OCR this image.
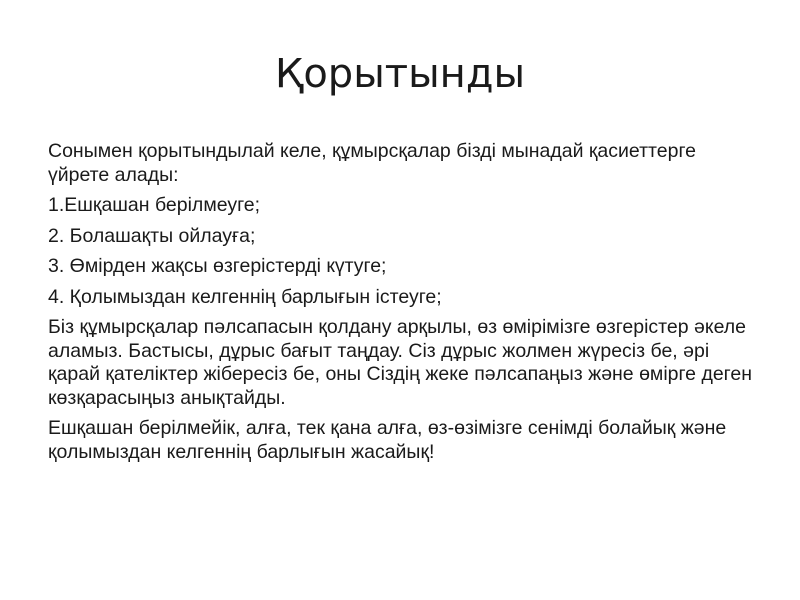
Қорытынды

Сонымен қорытындылай келе, құмырсқалар бізді мынадай қасиеттерге үйрете алады:

1.Ешқашан берілмеуге;

2. Болашақты ойлауға;

3. Өмірден жақсы өзгерістерді күтуге;

4. Қолымыздан келгеннің барлығын істеуге;

Біз құмырсқалар пәлсапасын қолдану арқылы, өз өмірімізге өзгерістер әкеле аламыз. Бастысы, дұрыс бағыт таңдау. Сіз дұрыс жолмен жүресіз бе, әрі қарай қателіктер жібересіз бе, оны Сіздің жеке пәлсапаңыз және өмірге деген көзқарасыңыз анықтайды.

Ешқашан берілмейік, алға, тек қана алға, өз-өзімізге сенімді болайық және қолымыздан келгеннің барлығын жасайық!
